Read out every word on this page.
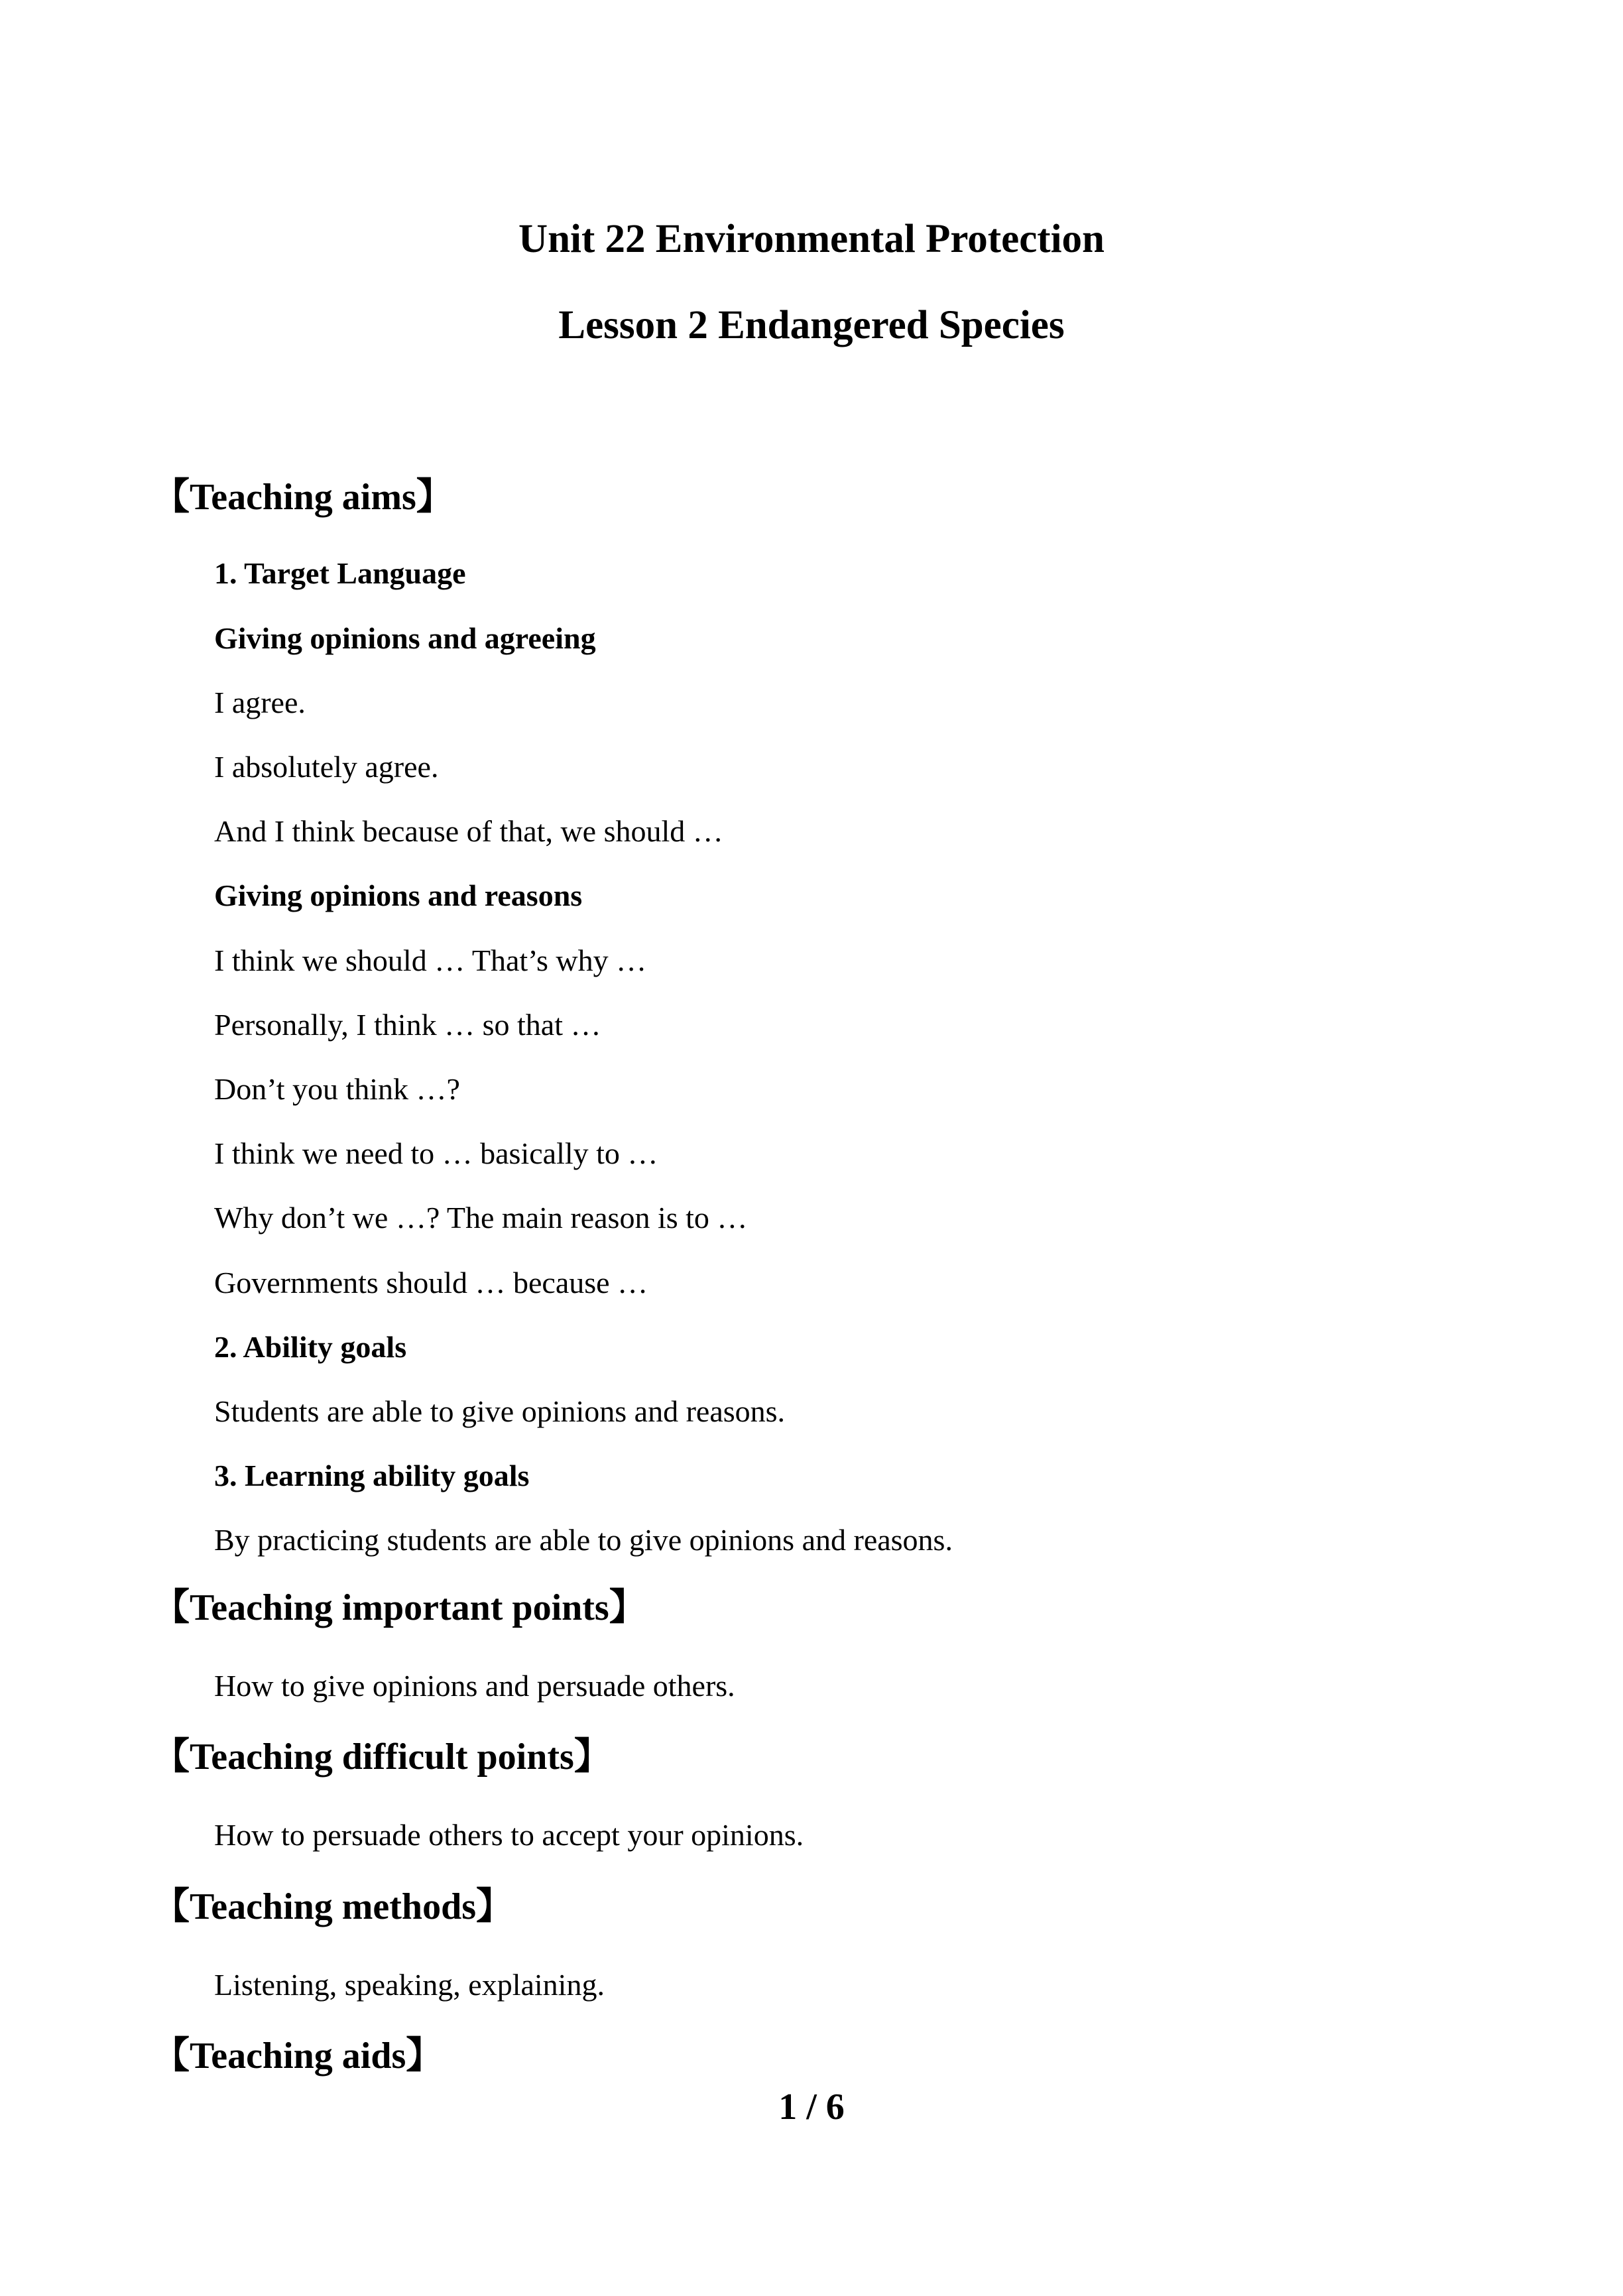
Unit 22 Environmental Protection
Lesson 2 Endangered Species
【Teaching aims】
1. Target Language
Giving opinions and agreeing
I agree.
I absolutely agree.
And I think because of that, we should …
Giving opinions and reasons
I think we should … That’s why …
Personally, I think … so that …
Don’t you think …?
I think we need to … basically to …
Why don’t we …? The main reason is to …
Governments should … because …
2. Ability goals
Students are able to give opinions and reasons.
3. Learning ability goals
By practicing students are able to give opinions and reasons.
【Teaching important points】
How to give opinions and persuade others.
【Teaching difficult points】
How to persuade others to accept your opinions.
【Teaching methods】
Listening, speaking, explaining.
【Teaching aids】
1 / 6
